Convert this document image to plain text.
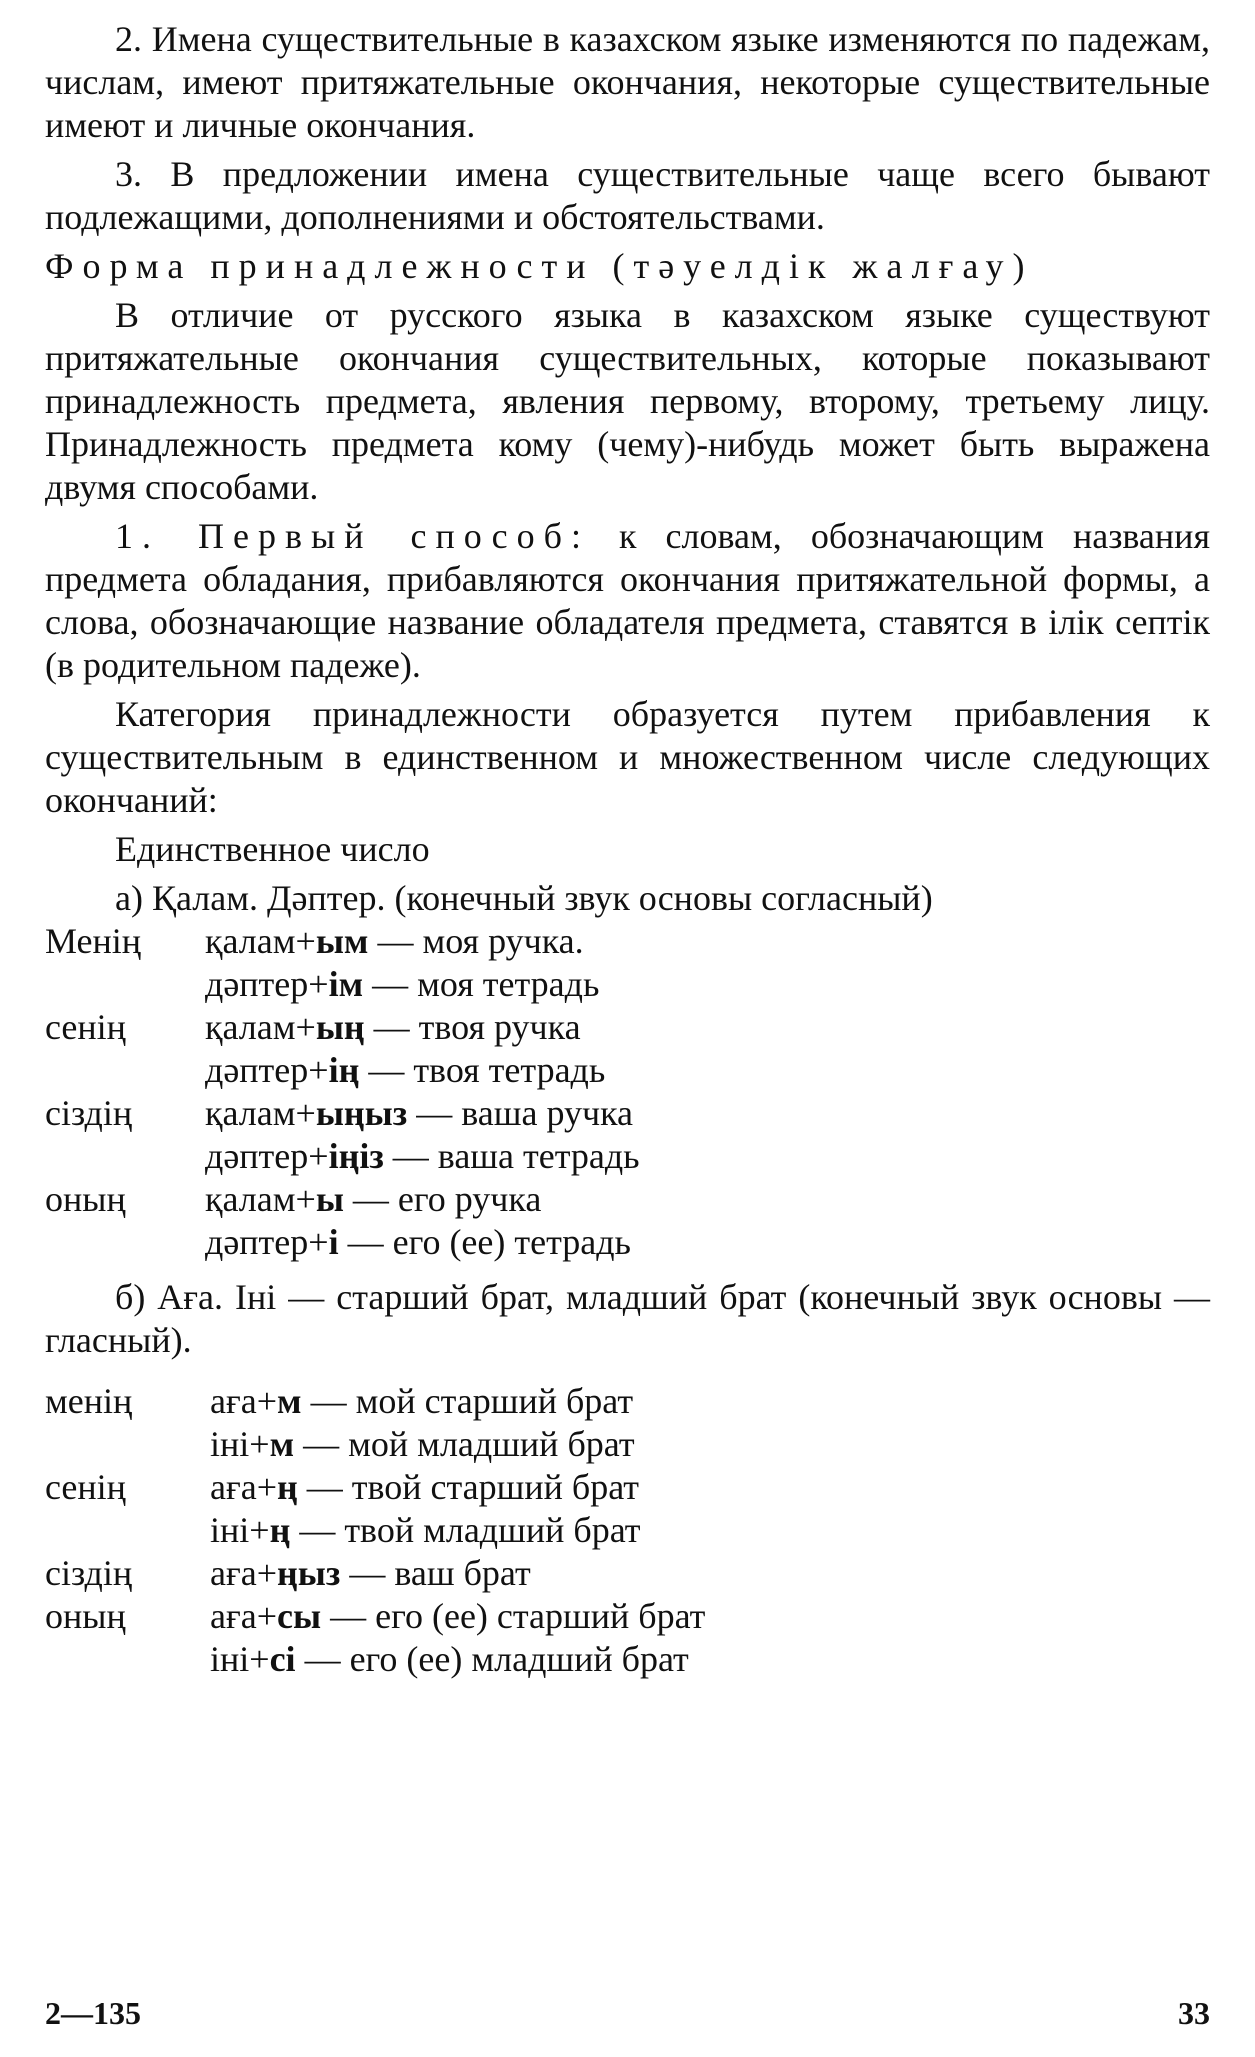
2. Имена существительные в казахском языке изменяются по падежам, числам, имеют притяжательные окончания, некоторые существительные имеют и личные окончания.

3. В предложении имена существительные чаще всего бывают подлежащими, дополнениями и обстоятельствами.

Форма принадлежности (тәуелдік жалғау)

В отличие от русского языка в казахском языке существуют притяжательные окончания существительных, которые показывают принадлежность предмета, явления первому, второму, третьему лицу. Принадлежность предмета кому (чему)-нибудь может быть выражена двумя способами.

1. Первый способ: к словам, обозначающим названия предмета обладания, прибавляются окончания притяжательной формы, а слова, обозначающие название обладателя предмета, ставятся в ілік септік (в родительном падеже).

Категория принадлежности образуется путем прибавления к существительным в единственном и множественном числе следующих окончаний:

Единственное число

а) Қалам. Дәптер. (конечный звук основы согласный)

Менің	қалам+ым — моя ручка.
дәптер+ім — моя тетрадь
сенің	қалам+ың — твоя ручка
дәптер+ің — твоя тетрадь
сіздің	қалам+ыңыз — ваша ручка
дәптер+іңіз — ваша тетрадь
оның	қалам+ы — его ручка
дәптер+і — его (ее) тетрадь

б) Аға. Іні — старший брат, младший брат (конечный звук основы — гласный).

менің	аға+м — мой старший брат
іні+м — мой младший брат
сенің	аға+ң — твой старший брат
іні+ң — твой младший брат
сіздің	аға+ңыз — ваш брат
оның	аға+сы — его (ее) старший брат
іні+сі — его (ее) младший брат
2—135	33
